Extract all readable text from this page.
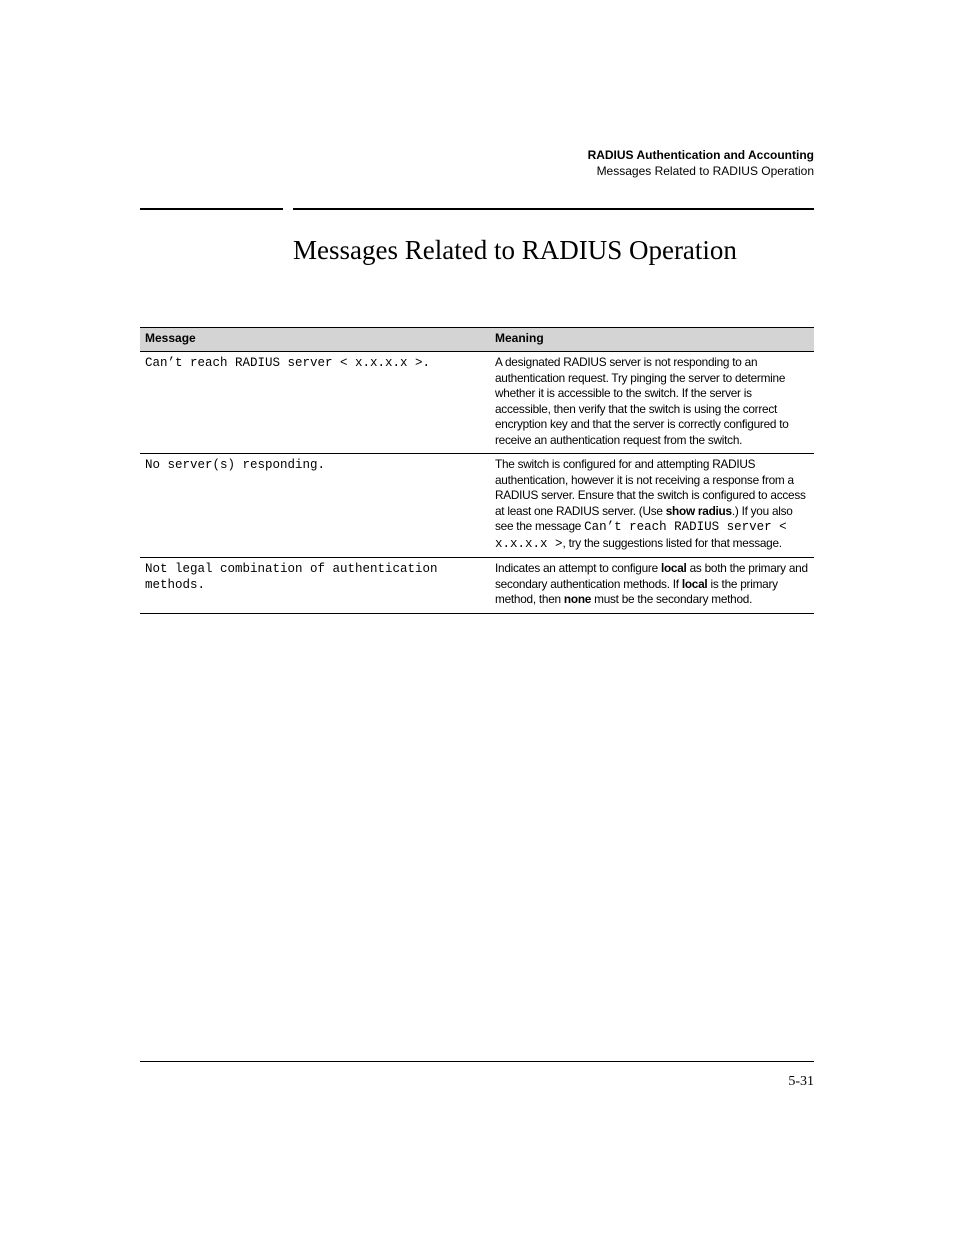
RADIUS Authentication and Accounting
Messages Related to RADIUS Operation
Messages Related to RADIUS Operation
Message	Meaning
Can’t reach RADIUS server < x.x.x.x >.	A designated RADIUS server is not responding to an authentication request. Try pinging the server to determine whether it is accessible to the switch. If the server is accessible, then verify that the switch is using the correct encryption key and that the server is correctly configured to receive an authentication request from the switch.
No server(s) responding.	The switch is configured for and attempting RADIUS authentication, however it is not receiving a response from a RADIUS server. Ensure that the switch is configured to access at least one RADIUS server. (Use show radius.) If you also see the message Can’t reach RADIUS server < x.x.x.x >, try the suggestions listed for that message.
Not legal combination of authentication methods.	Indicates an attempt to configure local as both the primary and secondary authentication methods. If local is the primary method, then none must be the secondary method.
5-31
